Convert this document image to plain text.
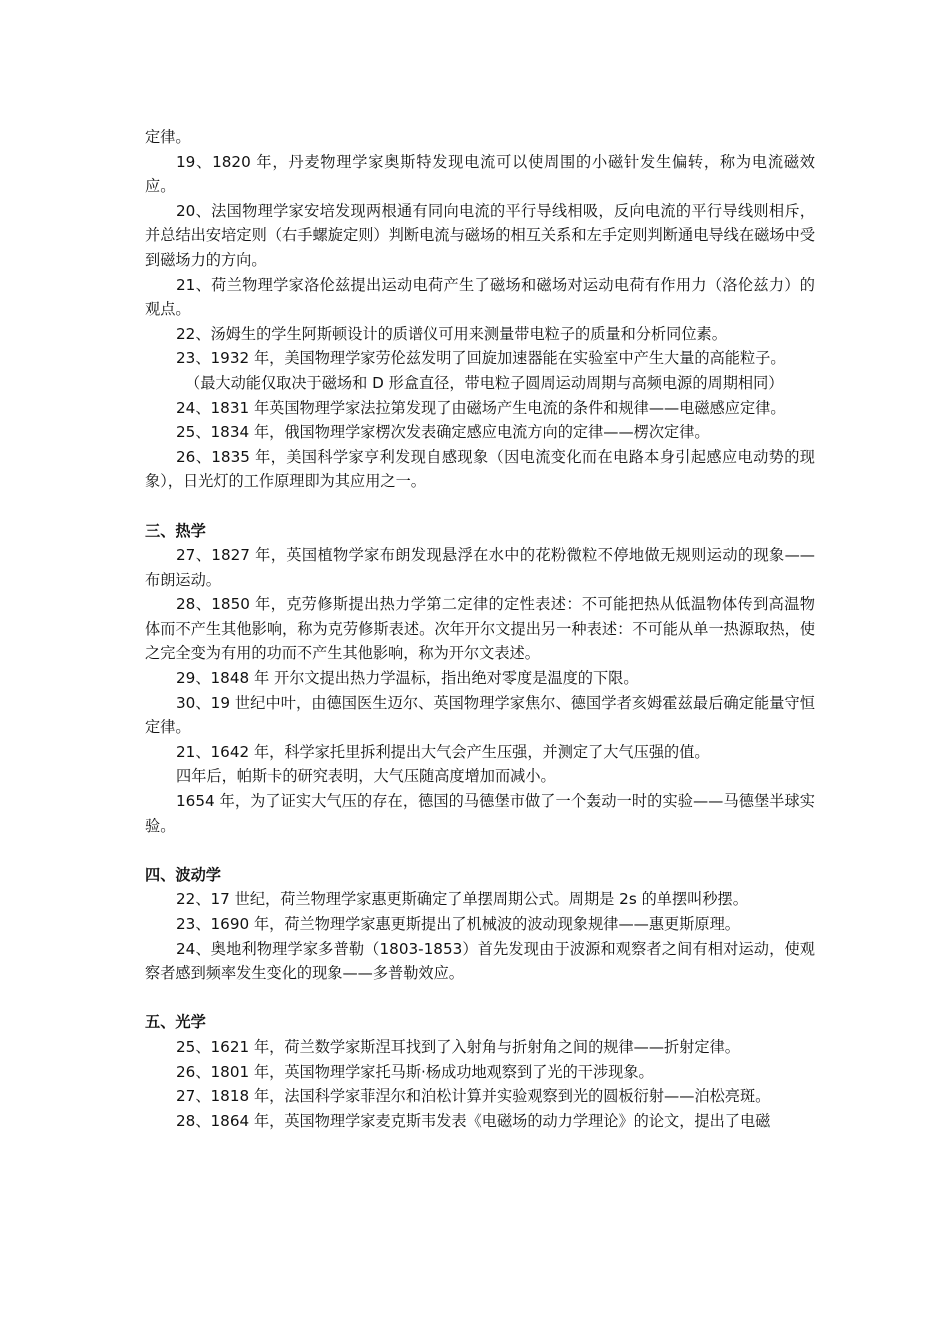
定律。

19、1820 年，丹麦物理学家奥斯特发现电流可以使周围的小磁针发生偏转，称为电流磁效应。

20、法国物理学家安培发现两根通有同向电流的平行导线相吸，反向电流的平行导线则相斥，并总结出安培定则（右手螺旋定则）判断电流与磁场的相互关系和左手定则判断通电导线在磁场中受到磁场力的方向。

21、荷兰物理学家洛伦兹提出运动电荷产生了磁场和磁场对运动电荷有作用力（洛伦兹力）的观点。

22、汤姆生的学生阿斯顿设计的质谱仪可用来测量带电粒子的质量和分析同位素。

23、1932 年，美国物理学家劳伦兹发明了回旋加速器能在实验室中产生大量的高能粒子。

（最大动能仅取决于磁场和 D 形盒直径，带电粒子圆周运动周期与高频电源的周期相同）

24、1831 年英国物理学家法拉第发现了由磁场产生电流的条件和规律——电磁感应定律。

25、1834 年，俄国物理学家楞次发表确定感应电流方向的定律——楞次定律。

26、1835 年，美国科学家亨利发现自感现象（因电流变化而在电路本身引起感应电动势的现象），日光灯的工作原理即为其应用之一。

三、热学

27、1827 年，英国植物学家布朗发现悬浮在水中的花粉微粒不停地做无规则运动的现象——布朗运动。

28、1850 年，克劳修斯提出热力学第二定律的定性表述：不可能把热从低温物体传到高温物体而不产生其他影响，称为克劳修斯表述。次年开尔文提出另一种表述：不可能从单一热源取热，使之完全变为有用的功而不产生其他影响，称为开尔文表述。

29、1848 年 开尔文提出热力学温标，指出绝对零度是温度的下限。

30、19 世纪中叶，由德国医生迈尔、英国物理学家焦尔、德国学者亥姆霍兹最后确定能量守恒定律。

21、1642 年，科学家托里拆利提出大气会产生压强，并测定了大气压强的值。

四年后，帕斯卡的研究表明，大气压随高度增加而减小。

1654 年，为了证实大气压的存在，德国的马德堡市做了一个轰动一时的实验——马德堡半球实验。

四、波动学

22、17 世纪，荷兰物理学家惠更斯确定了单摆周期公式。周期是 2s 的单摆叫秒摆。

23、1690 年，荷兰物理学家惠更斯提出了机械波的波动现象规律——惠更斯原理。

24、奥地利物理学家多普勒（1803-1853）首先发现由于波源和观察者之间有相对运动，使观察者感到频率发生变化的现象——多普勒效应。

五、光学

25、1621 年，荷兰数学家斯涅耳找到了入射角与折射角之间的规律——折射定律。

26、1801 年，英国物理学家托马斯·杨成功地观察到了光的干涉现象。

27、1818 年，法国科学家菲涅尔和泊松计算并实验观察到光的圆板衍射——泊松亮斑。

28、1864 年，英国物理学家麦克斯韦发表《电磁场的动力学理论》的论文，提出了电磁
